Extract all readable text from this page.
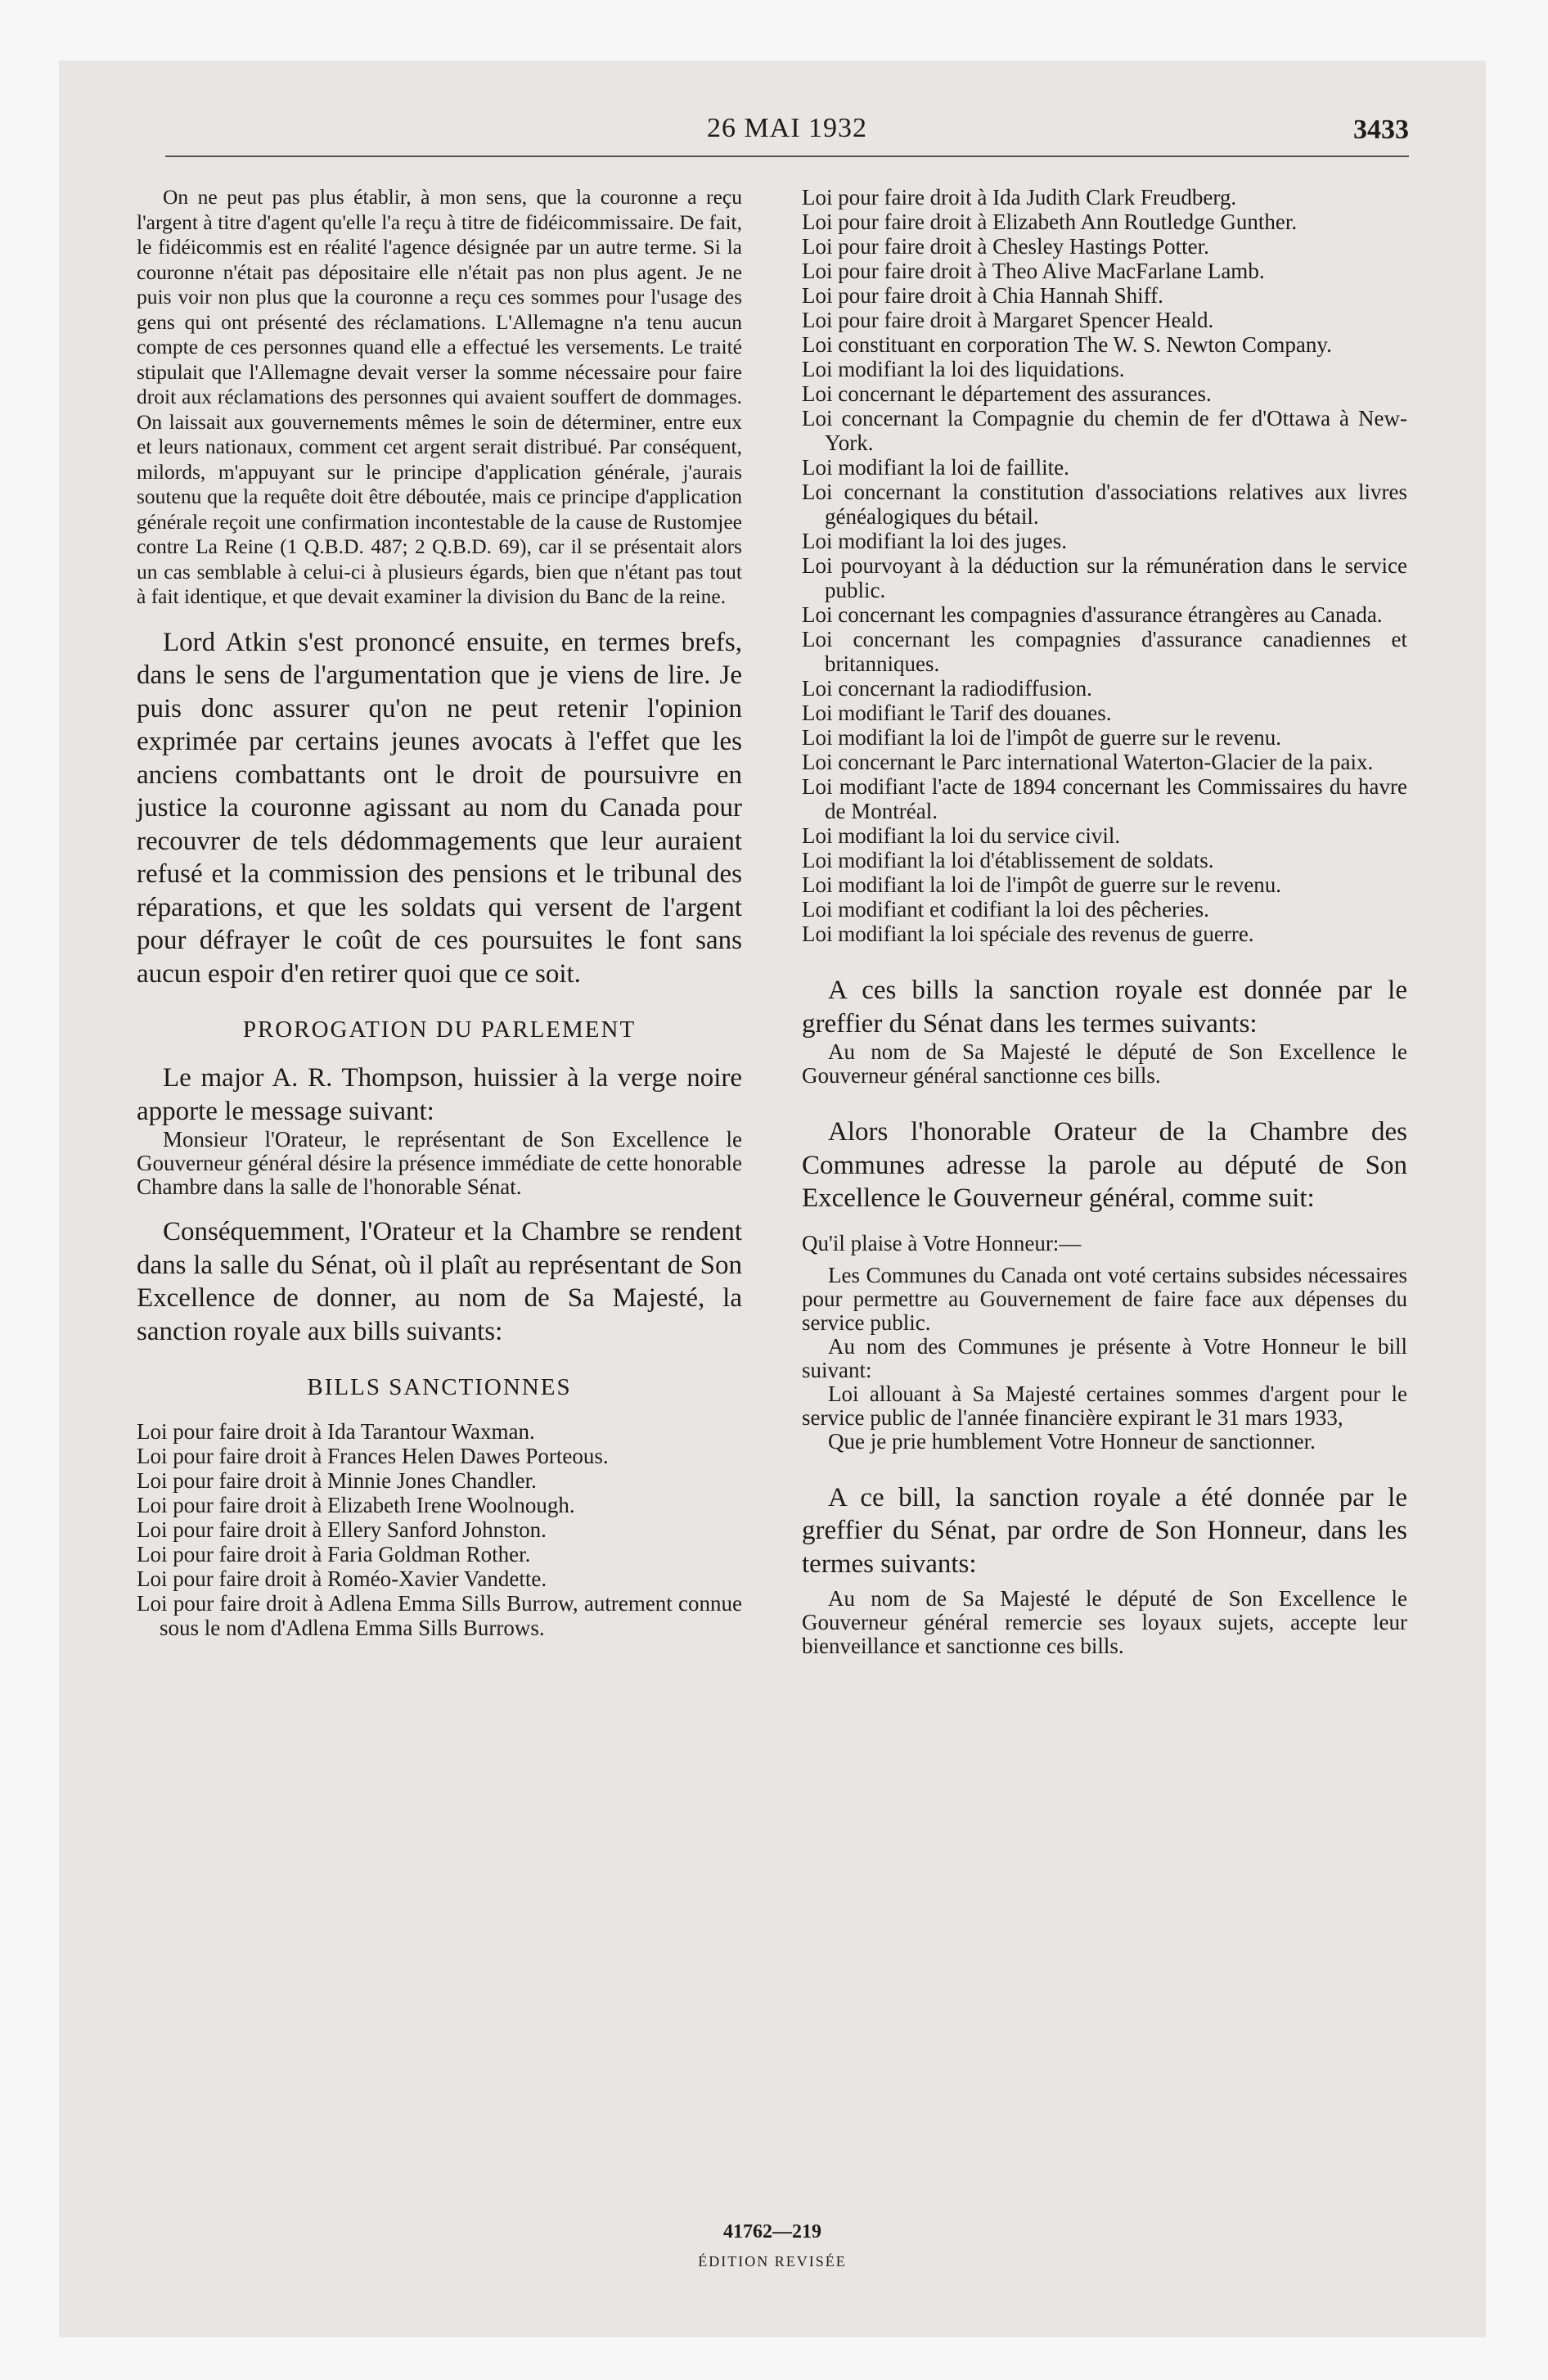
26 MAI 1932	3433

On ne peut pas plus établir, à mon sens, que la couronne a reçu l'argent à titre d'agent qu'elle l'a reçu à titre de fidéicommissaire. De fait, le fidéicommis est en réalité l'agence désignée par un autre terme. Si la couronne n'était pas dépositaire elle n'était pas non plus agent. Je ne puis voir non plus que la couronne a reçu ces sommes pour l'usage des gens qui ont présenté des réclamations. L'Allemagne n'a tenu aucun compte de ces personnes quand elle a effectué les versements. Le traité stipulait que l'Allemagne devait verser la somme nécessaire pour faire droit aux réclamations des personnes qui avaient souffert de dommages. On laissait aux gouvernements mêmes le soin de déterminer, entre eux et leurs nationaux, comment cet argent serait distribué. Par conséquent, milords, m'appuyant sur le principe d'application générale, j'aurais soutenu que la requête doit être déboutée, mais ce principe d'application générale reçoit une confirmation incontestable de la cause de Rustomjee contre La Reine (1 Q.B.D. 487; 2 Q.B.D. 69), car il se présentait alors un cas semblable à celui-ci à plusieurs égards, bien que n'étant pas tout à fait identique, et que devait examiner la division du Banc de la reine.

Lord Atkin s'est prononcé ensuite, en termes brefs, dans le sens de l'argumentation que je viens de lire. Je puis donc assurer qu'on ne peut retenir l'opinion exprimée par certains jeunes avocats à l'effet que les anciens combattants ont le droit de poursuivre en justice la couronne agissant au nom du Canada pour recouvrer de tels dédommagements que leur auraient refusé et la commission des pensions et le tribunal des réparations, et que les soldats qui versent de l'argent pour défrayer le coût de ces poursuites le font sans aucun espoir d'en retirer quoi que ce soit.

PROROGATION DU PARLEMENT

Le major A. R. Thompson, huissier à la verge noire apporte le message suivant:

Monsieur l'Orateur, le représentant de Son Excellence le Gouverneur général désire la présence immédiate de cette honorable Chambre dans la salle de l'honorable Sénat.

Conséquemment, l'Orateur et la Chambre se rendent dans la salle du Sénat, où il plaît au représentant de Son Excellence de donner, au nom de Sa Majesté, la sanction royale aux bills suivants:

BILLS SANCTIONNES

Loi pour faire droit à Ida Tarantour Waxman.

Loi pour faire droit à Frances Helen Dawes Porteous.

Loi pour faire droit à Minnie Jones Chandler.

Loi pour faire droit à Elizabeth Irene Woolnough.

Loi pour faire droit à Ellery Sanford Johnston.

Loi pour faire droit à Faria Goldman Rother.

Loi pour faire droit à Roméo-Xavier Vandette.

Loi pour faire droit à Adlena Emma Sills Burrow, autrement connue sous le nom d'Adlena Emma Sills Burrows.

Loi pour faire droit à Ida Judith Clark Freudberg.

Loi pour faire droit à Elizabeth Ann Routledge Gunther.

Loi pour faire droit à Chesley Hastings Potter.

Loi pour faire droit à Theo Alive MacFarlane Lamb.

Loi pour faire droit à Chia Hannah Shiff.

Loi pour faire droit à Margaret Spencer Heald.

Loi constituant en corporation The W. S. Newton Company.

Loi modifiant la loi des liquidations.

Loi concernant le département des assurances.

Loi concernant la Compagnie du chemin de fer d'Ottawa à New-York.

Loi modifiant la loi de faillite.

Loi concernant la constitution d'associations relatives aux livres généalogiques du bétail.

Loi modifiant la loi des juges.

Loi pourvoyant à la déduction sur la rémunération dans le service public.

Loi concernant les compagnies d'assurance étrangères au Canada.

Loi concernant les compagnies d'assurance canadiennes et britanniques.

Loi concernant la radiodiffusion.

Loi modifiant le Tarif des douanes.

Loi modifiant la loi de l'impôt de guerre sur le revenu.

Loi concernant le Parc international Waterton-Glacier de la paix.

Loi modifiant l'acte de 1894 concernant les Commissaires du havre de Montréal.

Loi modifiant la loi du service civil.

Loi modifiant la loi d'établissement de soldats.

Loi modifiant la loi de l'impôt de guerre sur le revenu.

Loi modifiant et codifiant la loi des pêcheries.

Loi modifiant la loi spéciale des revenus de guerre.

A ces bills la sanction royale est donnée par le greffier du Sénat dans les termes suivants:

Au nom de Sa Majesté le député de Son Excellence le Gouverneur général sanctionne ces bills.

Alors l'honorable Orateur de la Chambre des Communes adresse la parole au député de Son Excellence le Gouverneur général, comme suit:

Qu'il plaise à Votre Honneur:—

Les Communes du Canada ont voté certains subsides nécessaires pour permettre au Gouvernement de faire face aux dépenses du service public.

Au nom des Communes je présente à Votre Honneur le bill suivant:

Loi allouant à Sa Majesté certaines sommes d'argent pour le service public de l'année financière expirant le 31 mars 1933,

Que je prie humblement Votre Honneur de sanctionner.

A ce bill, la sanction royale a été donnée par le greffier du Sénat, par ordre de Son Honneur, dans les termes suivants:

Au nom de Sa Majesté le député de Son Excellence le Gouverneur général remercie ses loyaux sujets, accepte leur bienveillance et sanctionne ces bills.

41762—219
ÉDITION REVISÉE
